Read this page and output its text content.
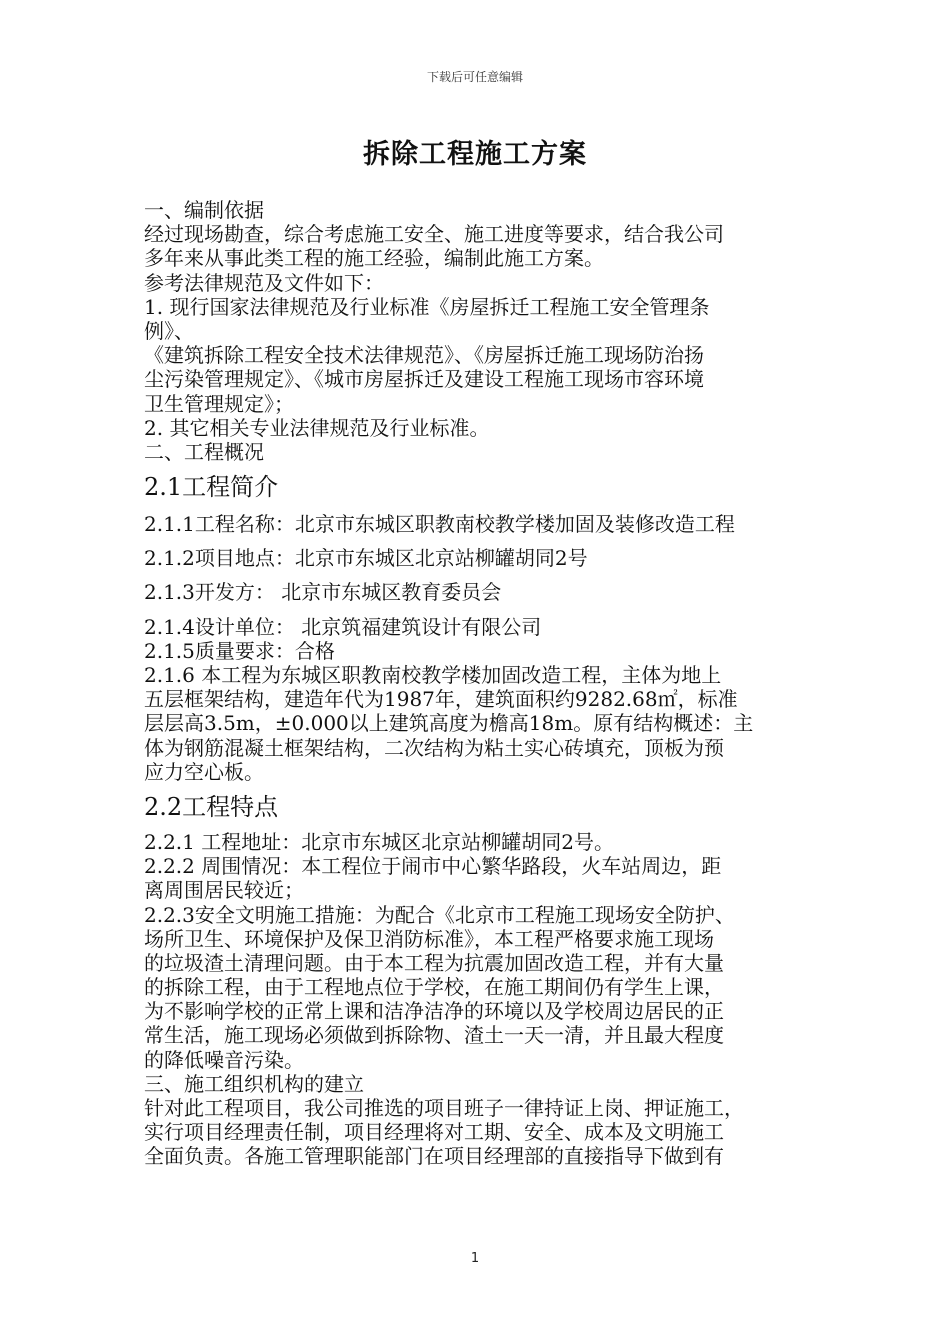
下载后可任意编辑
拆除工程施工方案
一、编制依据
经过现场勘查，综合考虑施工安全、施工进度等要求，结合我公司
多年来从事此类工程的施工经验，编制此施工方案。
参考法律规范及文件如下：
1. 现行国家法律规范及行业标准《房屋拆迁工程施工安全管理条
例》、
《建筑拆除工程安全技术法律规范》、《房屋拆迁施工现场防治扬
尘污染管理规定》、《城市房屋拆迁及建设工程施工现场市容环境
卫生管理规定》；
2. 其它相关专业法律规范及行业标准。
二、工程概况
2.1工程简介
2.1.1工程名称：北京市东城区职教南校教学楼加固及装修改造工程
2.1.2项目地点：北京市东城区北京站柳罐胡同2号
2.1.3开发方： 北京市东城区教育委员会
2.1.4设计单位： 北京筑福建筑设计有限公司
2.1.5质量要求：合格
2.1.6 本工程为东城区职教南校教学楼加固改造工程，主体为地上
五层框架结构，建造年代为1987年，建筑面积约9282.68㎡，标准
层层高3.5m，±0.000以上建筑高度为檐高18m。原有结构概述：主
体为钢筋混凝土框架结构，二次结构为粘土实心砖填充，顶板为预
应力空心板。
2.2工程特点
2.2.1 工程地址：北京市东城区北京站柳罐胡同2号。
2.2.2 周围情况：本工程位于闹市中心繁华路段，火车站周边，距
离周围居民较近；
2.2.3安全文明施工措施：为配合《北京市工程施工现场安全防护、
场所卫生、环境保护及保卫消防标准》，本工程严格要求施工现场
的垃圾渣土清理问题。由于本工程为抗震加固改造工程，并有大量
的拆除工程，由于工程地点位于学校，在施工期间仍有学生上课，
为不影响学校的正常上课和洁净洁净的环境以及学校周边居民的正
常生活，施工现场必须做到拆除物、渣土一天一清，并且最大程度
的降低噪音污染。
三、施工组织机构的建立
针对此工程项目，我公司推选的项目班子一律持证上岗、押证施工，
实行项目经理责任制，项目经理将对工期、安全、成本及文明施工
全面负责。各施工管理职能部门在项目经理部的直接指导下做到有
1
